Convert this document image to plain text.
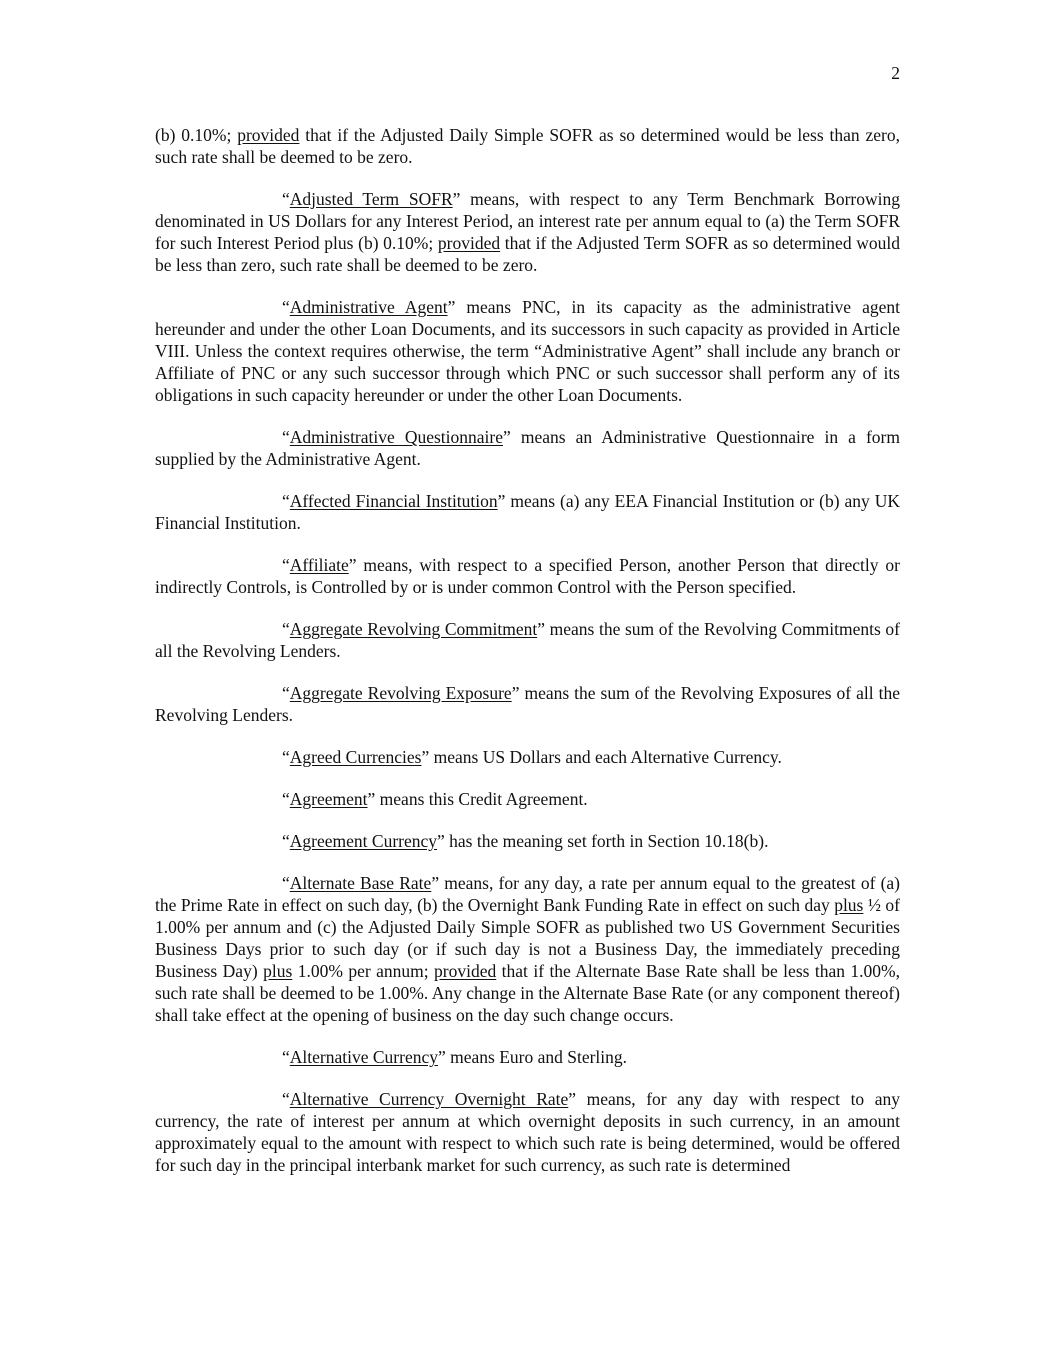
2

(b) 0.10%; provided that if the Adjusted Daily Simple SOFR as so determined would be less than zero, such rate shall be deemed to be zero.

“Adjusted Term SOFR” means, with respect to any Term Benchmark Borrowing denominated in US Dollars for any Interest Period, an interest rate per annum equal to (a) the Term SOFR for such Interest Period plus (b) 0.10%; provided that if the Adjusted Term SOFR as so determined would be less than zero, such rate shall be deemed to be zero.

“Administrative Agent” means PNC, in its capacity as the administrative agent hereunder and under the other Loan Documents, and its successors in such capacity as provided in Article VIII. Unless the context requires otherwise, the term “Administrative Agent” shall include any branch or Affiliate of PNC or any such successor through which PNC or such successor shall perform any of its obligations in such capacity hereunder or under the other Loan Documents.

“Administrative Questionnaire” means an Administrative Questionnaire in a form supplied by the Administrative Agent.

“Affected Financial Institution” means (a) any EEA Financial Institution or (b) any UK Financial Institution.

“Affiliate” means, with respect to a specified Person, another Person that directly or indirectly Controls, is Controlled by or is under common Control with the Person specified.

“Aggregate Revolving Commitment” means the sum of the Revolving Commitments of all the Revolving Lenders.

“Aggregate Revolving Exposure” means the sum of the Revolving Exposures of all the Revolving Lenders.

“Agreed Currencies” means US Dollars and each Alternative Currency.

“Agreement” means this Credit Agreement.

“Agreement Currency” has the meaning set forth in Section 10.18(b).

“Alternate Base Rate” means, for any day, a rate per annum equal to the greatest of (a) the Prime Rate in effect on such day, (b) the Overnight Bank Funding Rate in effect on such day plus ½ of 1.00% per annum and (c) the Adjusted Daily Simple SOFR as published two US Government Securities Business Days prior to such day (or if such day is not a Business Day, the immediately preceding Business Day) plus 1.00% per annum; provided that if the Alternate Base Rate shall be less than 1.00%, such rate shall be deemed to be 1.00%. Any change in the Alternate Base Rate (or any component thereof) shall take effect at the opening of business on the day such change occurs.

“Alternative Currency” means Euro and Sterling.

“Alternative Currency Overnight Rate” means, for any day with respect to any currency, the rate of interest per annum at which overnight deposits in such currency, in an amount approximately equal to the amount with respect to which such rate is being determined, would be offered for such day in the principal interbank market for such currency, as such rate is determined
